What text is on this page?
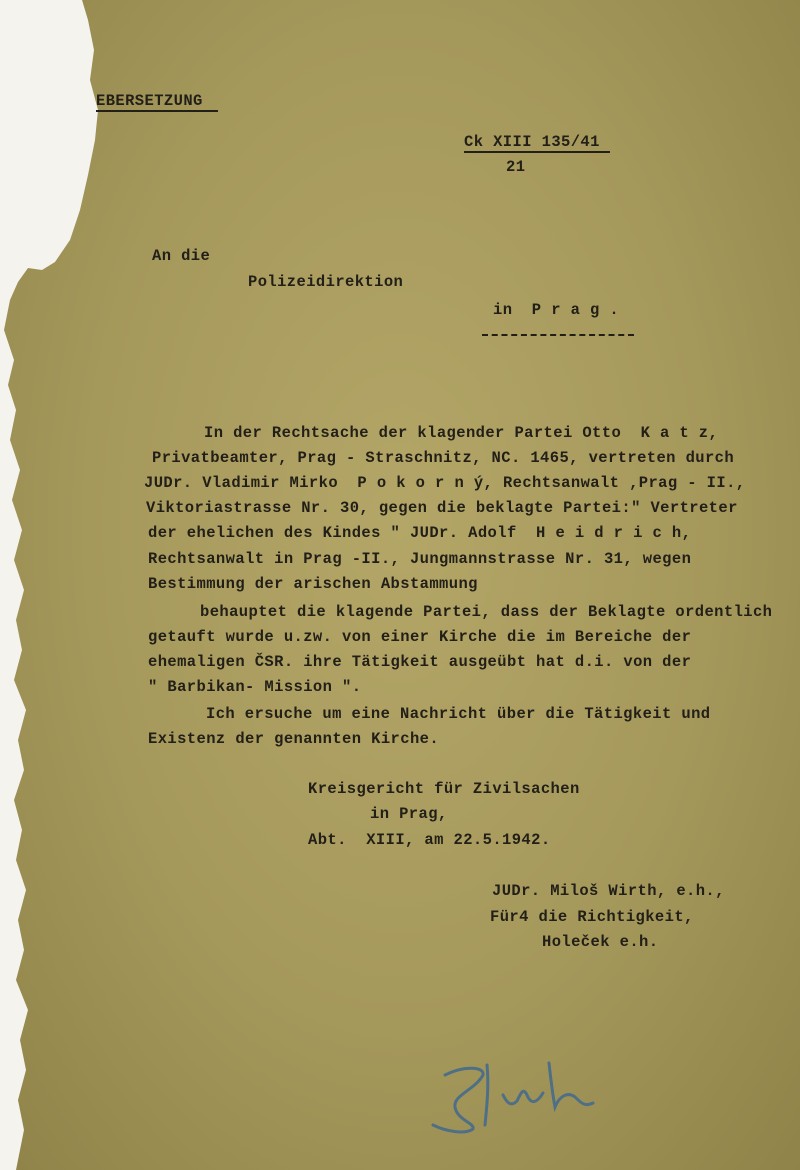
EBERSETZUNG
Ck XIII 135/41
21
An die
Polizeidirektion
in  P r a g .
In der Rechtsache der klagender Partei Otto  K a t z,
Privatbeamter, Prag - Straschnitz, NC. 1465, vertreten durch
JUDr. Vladimir Mirko  P o k o r n ý, Rechtsanwalt ,Prag - II.,
Viktoriastrasse Nr. 30, gegen die beklagte Partei:" Vertreter
der ehelichen des Kindes " JUDr. Adolf  H e i d r i c h,
Rechtsanwalt in Prag -II., Jungmannstrasse Nr. 31, wegen
Bestimmung der arischen Abstammung
behauptet die klagende Partei, dass der Beklagte ordentlich
getauft wurde u.zw. von einer Kirche die im Bereiche der
ehemaligen ČSR. ihre Tätigkeit ausgeübt hat d.i. von der
" Barbikan- Mission ".
Ich ersuche um eine Nachricht über die Tätigkeit und
Existenz der genannten Kirche.
Kreisgericht für Zivilsachen
in Prag,
Abt.  XIII, am 22.5.1942.
JUDr. Miloš Wirth, e.h.,
Für4 die Richtigkeit,
Holeček e.h.
